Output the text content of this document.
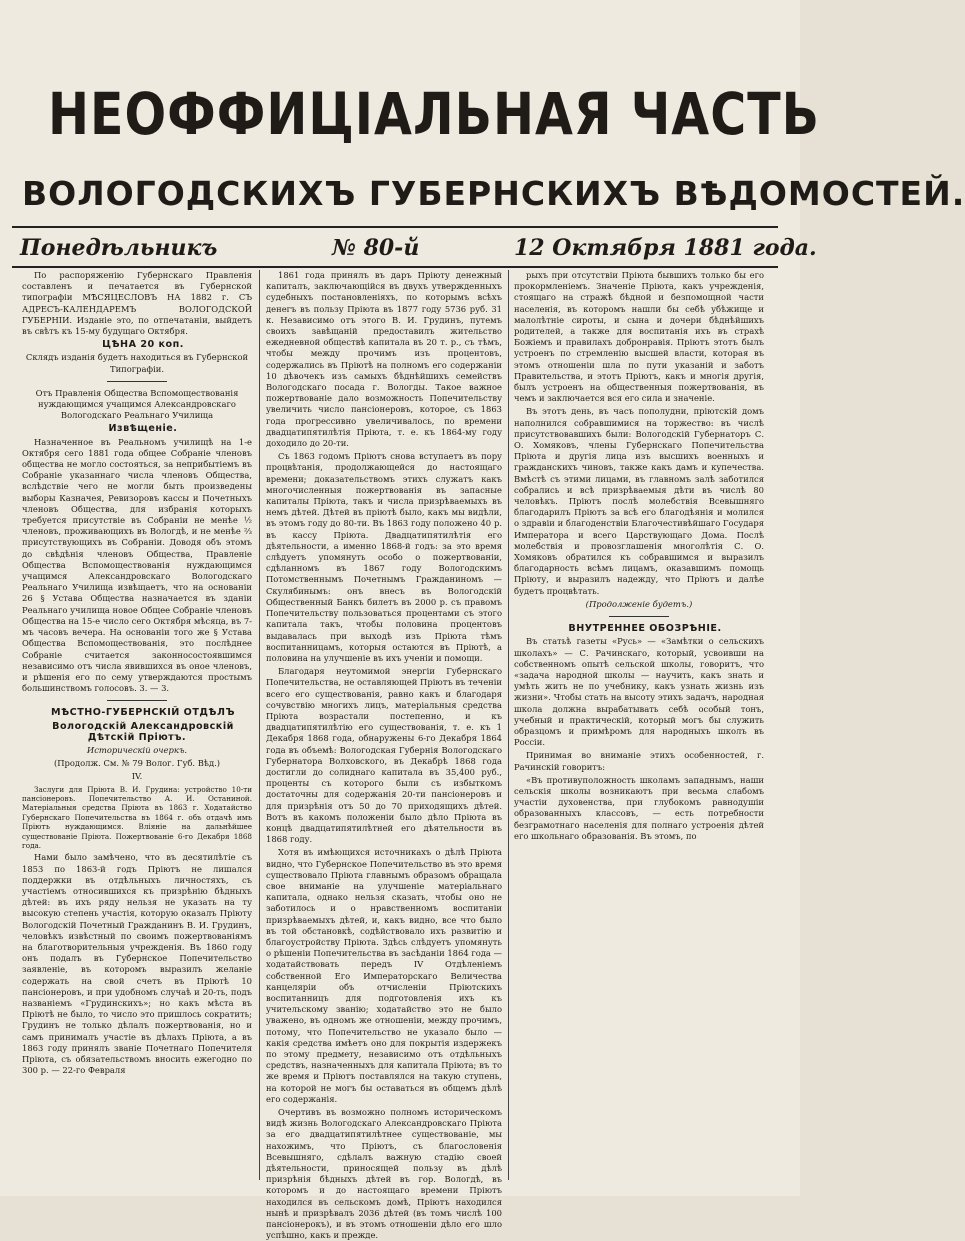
НЕОФФИЦІАЛЬНАЯ ЧАСТЬ
ВОЛОГОДСКИХЪ ГУБЕРНСКИХЪ ВѢДОМОСТЕЙ.
Понедѣльникъ	№ 80-й	12 Октября 1881 года.

По распоряженію Губернскаго Правленія составленъ и печатается въ Губернской типографіи МѢСЯЦЕСЛОВЪ НА 1882 г. СЪ АДРЕСЪ-КАЛЕНДАРЕМЪ ВОЛОГОДСКОЙ ГУБЕРНІИ. Изданіе это, по отпечатаніи, выйдетъ въ свѣтъ къ 15-му будущаго Октября.

ЦѢНА 20 коп.

Склядъ изданія будетъ находиться въ Губернской Типографіи.

Отъ Правленія Общества Вспомоществованія нуждающимся учащимся Александровскаго Вологодскаго Реальнаго Училища

Извѣщеніе.

Назначенное въ Реальномъ училищѣ на 1-е Октября сего 1881 года общее Собраніе членовъ общества не могло состояться, за неприбытіемъ въ Собраніе указаннаго числа членовъ Общества, вслѣдствіе чего не могли быть произведены выборы Казначея, Ревизоровъ кассы и Почетныхъ членовъ Общества, для избранія которыхъ требуется присутствіе въ Собраніи не менѣе ½ членовъ, проживающихъ въ Вологдѣ, и не менѣе ⅔ присутствующихъ въ Собраніи. Доводя объ этомъ до свѣдѣнія членовъ Общества, Правленіе Общества Вспомоществованія нуждающимся учащимся Александровскаго Вологодскаго Реальнаго Училища извѣщаетъ, что на основаніи 26 § Устава Общества назначается въ зданіи Реальнаго училища новое Общее Собраніе членовъ Общества на 15-е число сего Октября мѣсяца, въ 7-мъ часовъ вечера. На основаніи того же § Устава Общества Вспомоществованія, это послѣднее Собраніе считается законносостоявшимся независимо отъ числа явившихся въ оное членовъ, и рѣшенія его по сему утверждаются простымъ большинствомъ голосовъ. 3. — 3.

МѢСТНО-ГУБЕРНСКІЙ ОТДѢЛЪ

Вологодскій Александровскій Дѣтскій Пріютъ.

Историческій очеркъ.

(Продолж. См. № 79 Волог. Губ. Вѣд.)

IV.

Заслуги для Пріюта В. И. Грудина: устройство 10-ти пансіонеровъ. Попечительство А. И. Останиной. Матеріальныя средства Пріюта въ 1863 г. Ходатайство Губернскаго Попечительства въ 1864 г. объ отдачѣ имъ Пріютъ нуждающимся. Вліяніе на дальнѣйшее существованіе Пріюта. Пожертвованіе 6-го Декабря 1868 года.

Нами было замѣчено, что въ десятилѣтіе съ 1853 по 1863-й годъ Пріютъ не лишался поддержки въ отдѣльныхъ личностяхъ, съ участіемъ относившихся къ призрѣнію бѣдныхъ дѣтей: въ ихъ ряду нельзя не указать на ту высокую степень участія, которую оказалъ Пріюту Вологодскій Почетный Гражданинъ В. И. Грудинъ, человѣкъ извѣстный по своимъ пожертвованіямъ на благотворительныя учрежденія. Въ 1860 году онъ подалъ въ Губернское Попечительство заявленіе, въ которомъ выразилъ желаніе содержать на свой счетъ въ Пріютѣ 10 пансіонеровъ, и при удобномъ случаѣ и 20-ть, подъ названіемъ «Грудинскихъ»; но какъ мѣста въ Пріютѣ не было, то число это пришлось сократить; Грудинъ не только дѣлалъ пожертвованія, но и самъ принималъ участіе въ дѣлахъ Пріюта, а въ 1863 году принялъ званіе Почетнаго Попечителя Пріюта, съ обязательствомъ вносить ежегодно по 300 р. — 22-го Февраля

1861 года принялъ въ даръ Пріюту денежный капиталъ, заключающійся въ двухъ утвержденныхъ судебныхъ постановленіяхъ, по которымъ всѣхъ денегъ въ пользу Пріюта въ 1877 году 5736 руб. 31 к. Независимо отъ этого В. И. Грудинъ, путемъ своихъ завѣщаній предоставилъ жительство ежедневной обществѣ капитала въ 20 т. р., съ тѣмъ, чтобы между прочимъ изъ процентовъ, содержались въ Пріютѣ на полномъ его содержаніи 10 дѣвочекъ изъ самыхъ бѣднѣйшихъ семействъ Вологодскаго посада г. Вологды. Такое важное пожертвованіе дало возможность Попечительству увеличить число пансіонеровъ, которое, съ 1863 года прогрессивно увеличивалось, по времени двадцатипятилѣтія Пріюта, т. е. къ 1864-му году доходило до 20-ти.

Съ 1863 годомъ Пріютъ снова вступаетъ въ пору процвѣтанія, продолжающейся до настоящаго времени; доказательствомъ этихъ служатъ какъ многочисленныя пожертвованія въ запасные капиталы Пріюта, такъ и числа призрѣваемыхъ въ немъ дѣтей. Дѣтей въ пріютѣ было, какъ мы видѣли, въ этомъ году до 80-ти. Въ 1863 году положено 40 р. въ кассу Пріюта. Двадцатипятилѣтія его дѣятельности, а именно 1868-й годъ: за это время слѣдуетъ упомянуть особо о пожертвованіи, сдѣланномъ въ 1867 году Вологодскимъ Потомственнымъ Почетнымъ Гражданиномъ — Скулябинымъ: онъ внесъ въ Вологодскій Общественный Банкъ билетъ въ 2000 р. съ правомъ Попечительству пользоваться процентами съ этого капитала такъ, чтобы половина процентовъ выдавалась при выходѣ изъ Пріюта тѣмъ воспитанницамъ, которыя остаются въ Пріютѣ, а половина на улучшеніе въ ихъ ученіи и помощи.

Благодаря неутомимой энергіи Губернскаго Попечительства, не оставляющей Пріютъ въ теченіи всего его существованія, равно какъ и благодаря сочувствію многихъ лицъ, матеріальныя средства Пріюта возрастали постепенно, и къ двадцатипятилѣтію его существованія, т. е. къ 1 Декабря 1868 года, обнаружены 6-го Декабря 1864 года въ объемѣ: Вологодская Губернія Вологодскаго Губернатора Волховского, въ Декабрѣ 1868 года достигли до солиднаго капитала въ 35,400 руб., проценты съ которого были съ избыткомъ достаточны для содержанія 20-ти пансіонеровъ и для призрѣнія отъ 50 до 70 приходящихъ дѣтей. Вотъ въ какомъ положеніи было дѣло Пріюта въ концѣ двадцатипятилѣтней его дѣятельности въ 1868 году.

Хотя въ имѣющихся источникахъ о дѣлѣ Пріюта видно, что Губернское Попечительство въ это время существовало Пріюта главнымъ образомъ обращала свое вниманіе на улучшеніе матеріальнаго капитала, однако нельзя сказать, чтобы оно не заботилось и о нравственномъ воспитаніи призрѣваемыхъ дѣтей, и, какъ видно, все что было въ той обстановкѣ, содѣйствовало ихъ развитію и благоустройству Пріюта. Здѣсь слѣдуетъ упомянуть о рѣшеніи Попечительства въ засѣданіи 1864 года — ходатайствовать передъ IV Отдѣленіемъ собственной Его Императорскаго Величества канцеляріи объ отчисленіи Пріютскихъ воспитанницъ для подготовленія ихъ къ учительскому званію; ходатайство это не было уважено, въ одномъ же отношеніи, между прочимъ, потому, что Попечительство не указало было — какія средства имѣетъ оно для покрытія издержекъ по этому предмету, независимо отъ отдѣльныхъ средствъ, назначенныхъ для капитала Пріюта; въ то же время и Пріютъ поставлялся на такую ступень, на которой не могъ бы оставаться въ общемъ дѣлѣ его содержанія.

Очертивъ въ возможно полномъ историческомъ видѣ жизнь Вологодскаго Александровскаго Пріюта за его двадцатипятилѣтнее существованіе, мы нахожимъ, что Пріютъ, съ благословенія Всевышняго, сдѣлалъ важную стадію своей дѣятельности, приносящей пользу въ дѣлѣ призрѣнія бѣдныхъ дѣтей въ гор. Вологдѣ, въ которомъ и до настоящаго времени Пріютъ находился въ сельскомъ домѣ, Пріютъ находился нынѣ и призрѣвалъ 2036 дѣтей (въ томъ числѣ 100 пансіонерокъ), и въ этомъ отношеніи дѣло его шло успѣшно, какъ и прежде.

рыхъ при отсутствіи Пріюта бывшихъ только бы его прокормленіемъ. Значеніе Пріюта, какъ учрежденія, стоящаго на стражѣ бѣдной и безпомощной части населенія, въ которомъ нашли бы себѣ убѣжище и малолѣтніе сироты, и сына и дочери бѣднѣйшихъ родителей, а также для воспитанія ихъ въ страхѣ Божіемъ и правилахъ добронравія. Пріютъ этотъ былъ устроенъ по стремленію высшей власти, которая въ этомъ отношеніи шла по пути указаній и заботъ Правительства, и этотъ Пріютъ, какъ и многія другія, былъ устроенъ на общественныя пожертвованія, въ чемъ и заключается вся его сила и значеніе.

Въ этотъ день, въ часъ пополудни, пріютскій домъ наполнился собравшимися на торжество: въ числѣ присутствовавшихъ были: Вологодскій Губернаторъ С. О. Хомяковъ, члены Губернскаго Попечительства Пріюта и другія лица изъ высшихъ военныхъ и гражданскихъ чиновъ, также какъ дамъ и купечества. Вмѣстѣ съ этими лицами, въ главномъ залѣ заботился собрались и всѣ призрѣваемыя дѣти въ числѣ 80 человѣкъ. Пріютъ послѣ молебствія Всевышняго благодарилъ Пріютъ за всѣ его благодѣянія и молился о здравіи и благоденствіи Благочестивѣйшаго Государя Императора и всего Царствующаго Дома. Послѣ молебствія и провозглашенія многолѣтія С. О. Хомяковъ обратился къ собравшимся и выразилъ благодарность всѣмъ лицамъ, оказавшимъ помощь Пріюту, и выразилъ надежду, что Пріютъ и далѣе будетъ процвѣтать.

(Продолженіе будетъ.)

ВНУТРЕННЕЕ ОБОЗРѢНІЕ.

Въ статьѣ газеты «Русь» — «Замѣтки о сельскихъ школахъ» — С. Рачинскаго, который, усвоивши на собственномъ опытѣ сельской школы, говоритъ, что «задача народной школы — научить, какъ знать и умѣть жить не по учебнику, какъ узнать жизнь изъ жизни». Чтобы стать на высоту этихъ задачъ, народная школа должна вырабатывать себѣ особый тонъ, учебный и практическій, который могъ бы служить образцомъ и примѣромъ для народныхъ школъ въ Россіи.

Принимая во вниманіе этихъ особенностей, г. Рачинскій говоритъ:

«Въ противуположность школамъ западнымъ, наши сельскія школы возникаютъ при весьма слабомъ участіи духовенства, при глубокомъ равнодушіи образованныхъ классовъ, — есть потребности безграмотнаго населенія для полнаго устроенія дѣтей его школьнаго образованія. Въ этомъ, по
